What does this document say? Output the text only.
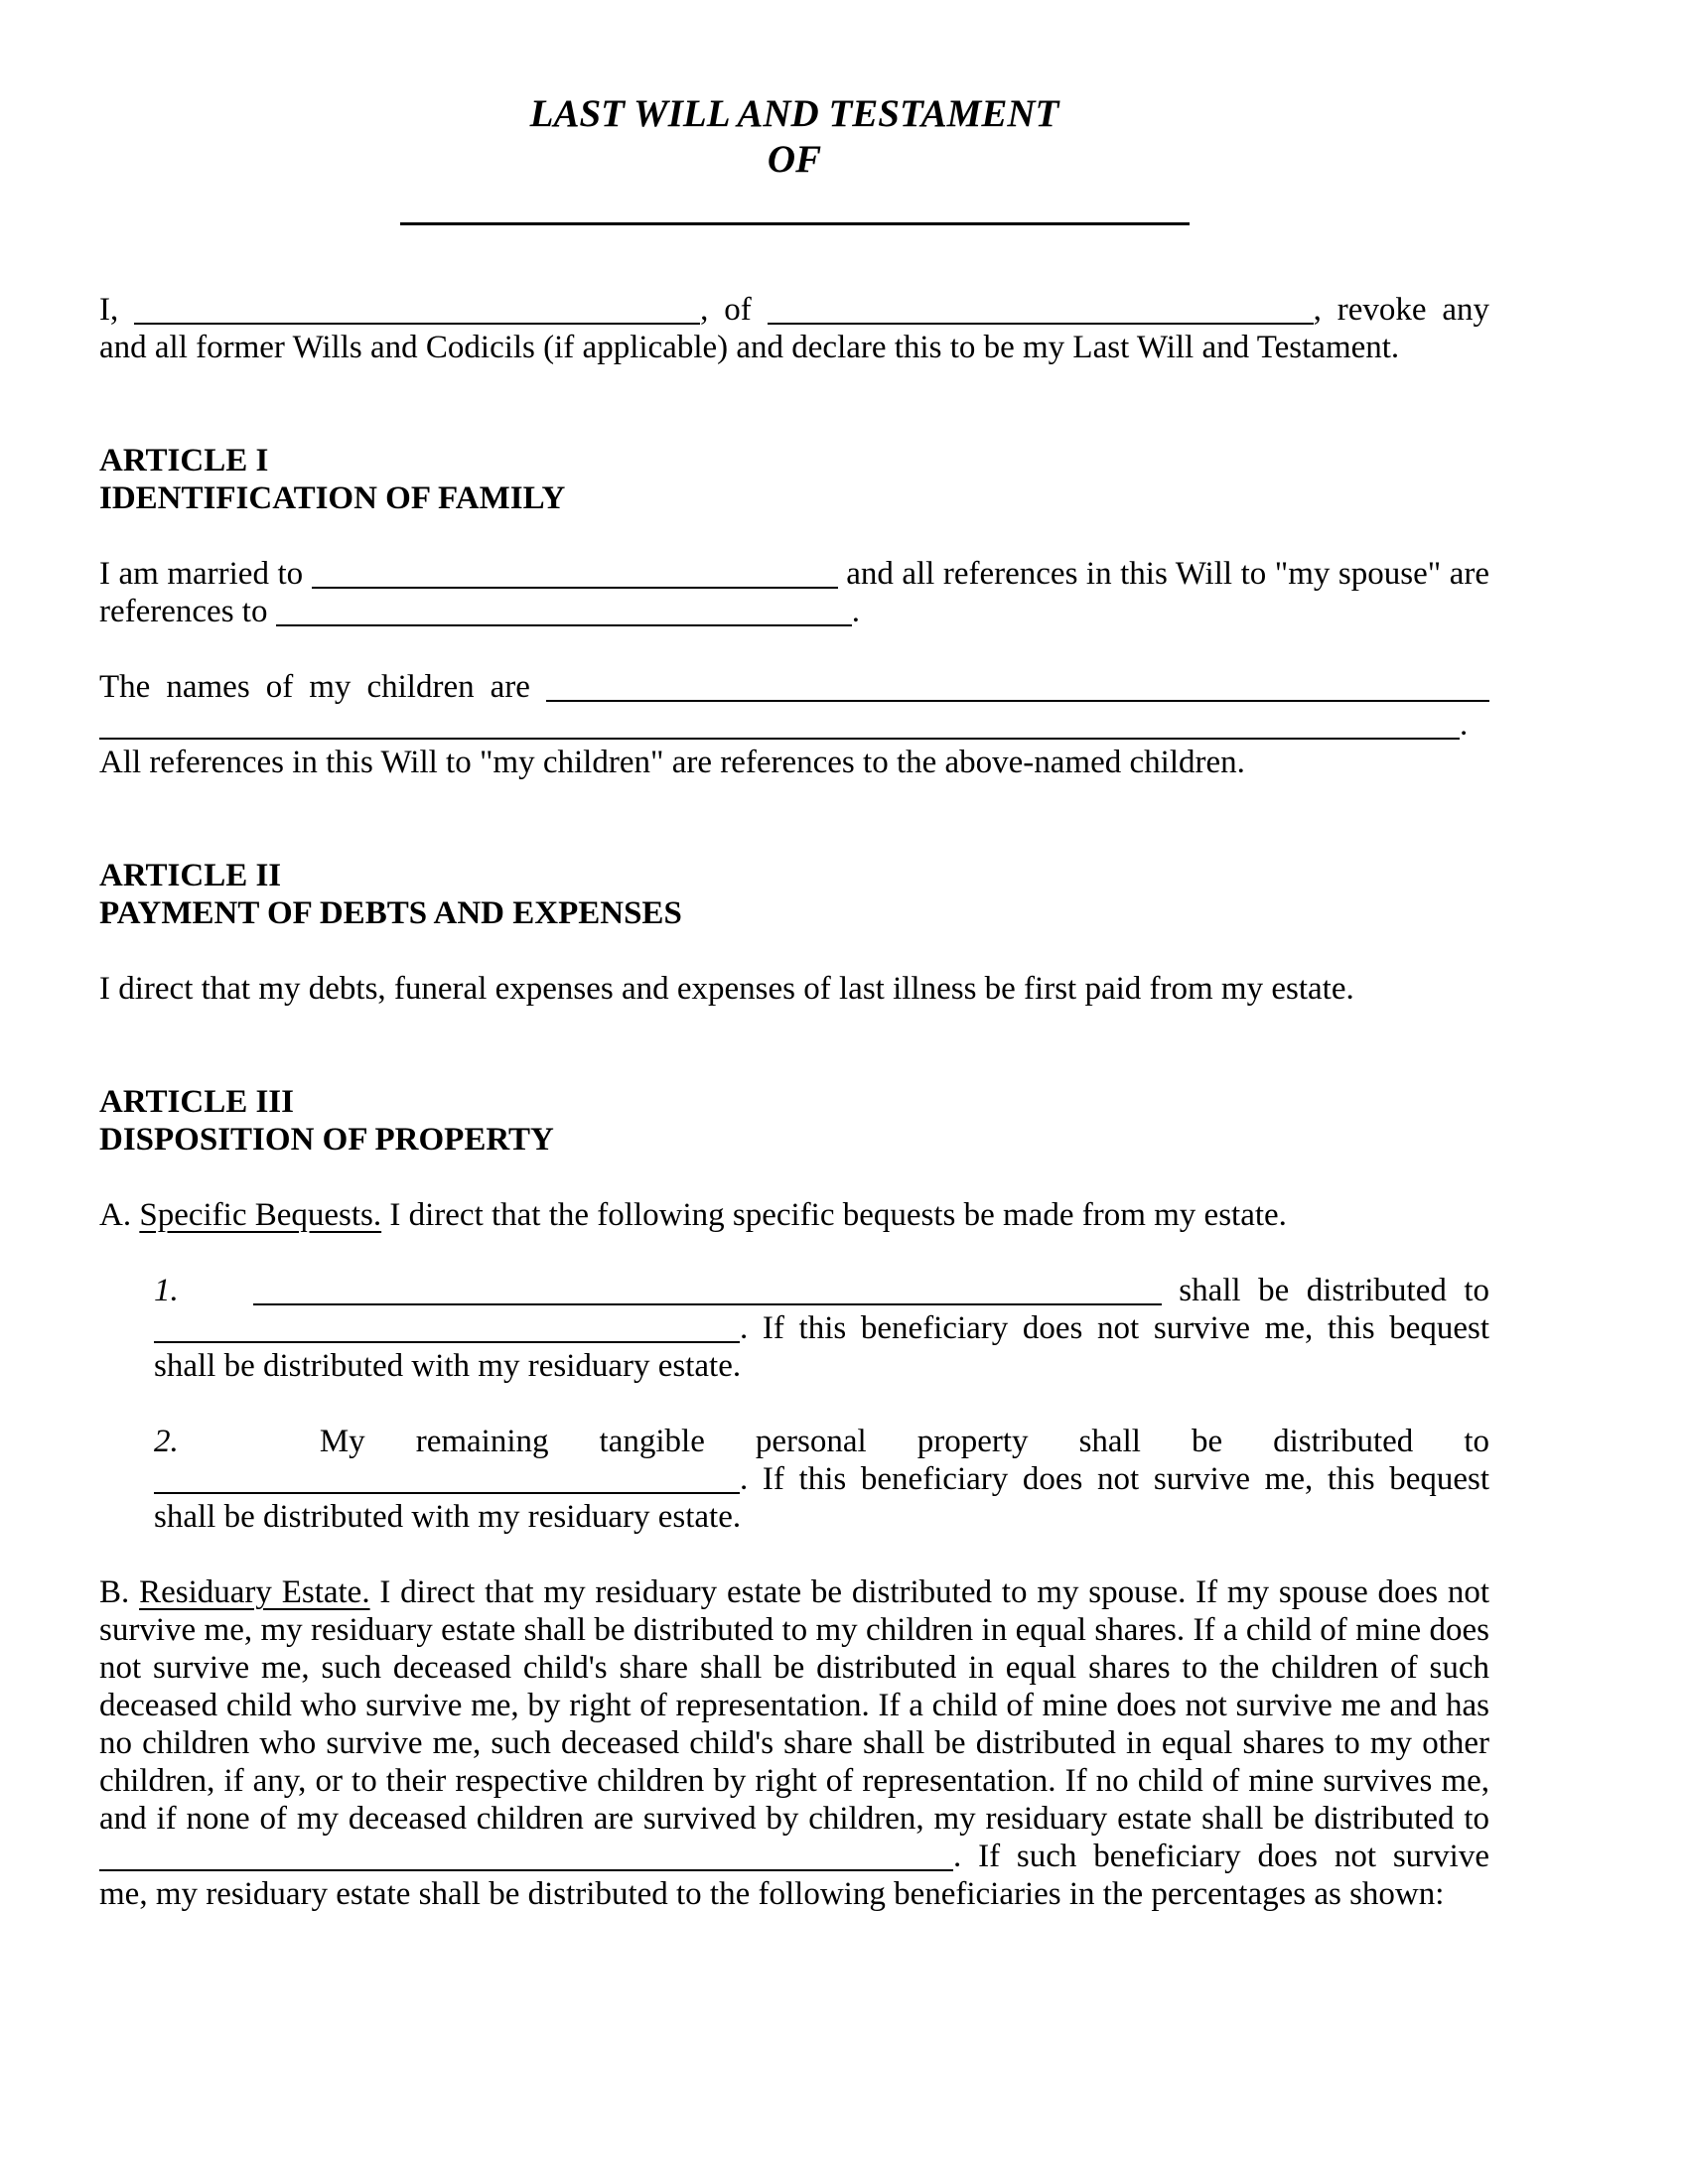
LAST WILL AND TESTAMENT
OF

I,	, of	, revoke any and all former Wills and Codicils (if applicable) and declare this to be my Last Will and Testament.

ARTICLE I
IDENTIFICATION OF FAMILY

I am married to	and all references in this Will to "my spouse" are references to	.

The names of my children are  . All references in this Will to "my children" are references to the above-named children.

ARTICLE II
PAYMENT OF DEBTS AND EXPENSES

I direct that my debts, funeral expenses and expenses of last illness be first paid from my estate.

ARTICLE III
DISPOSITION OF PROPERTY

A. Specific Bequests. I direct that the following specific bequests be made from my estate.

1.	shall be distributed to . If this beneficiary does not survive me, this bequest shall be distributed with my residuary estate.

2.	My remaining tangible personal property shall be distributed to . If this beneficiary does not survive me, this bequest shall be distributed with my residuary estate.

B. Residuary Estate. I direct that my residuary estate be distributed to my spouse. If my spouse does not survive me, my residuary estate shall be distributed to my children in equal shares. If a child of mine does not survive me, such deceased child's share shall be distributed in equal shares to the children of such deceased child who survive me, by right of representation. If a child of mine does not survive me and has no children who survive me, such deceased child's share shall be distributed in equal shares to my other children, if any, or to their respective children by right of representation. If no child of mine survives me, and if none of my deceased children are survived by children, my residuary estate shall be distributed to . If such beneficiary does not survive me, my residuary estate shall be distributed to the following beneficiaries in the percentages as shown:
